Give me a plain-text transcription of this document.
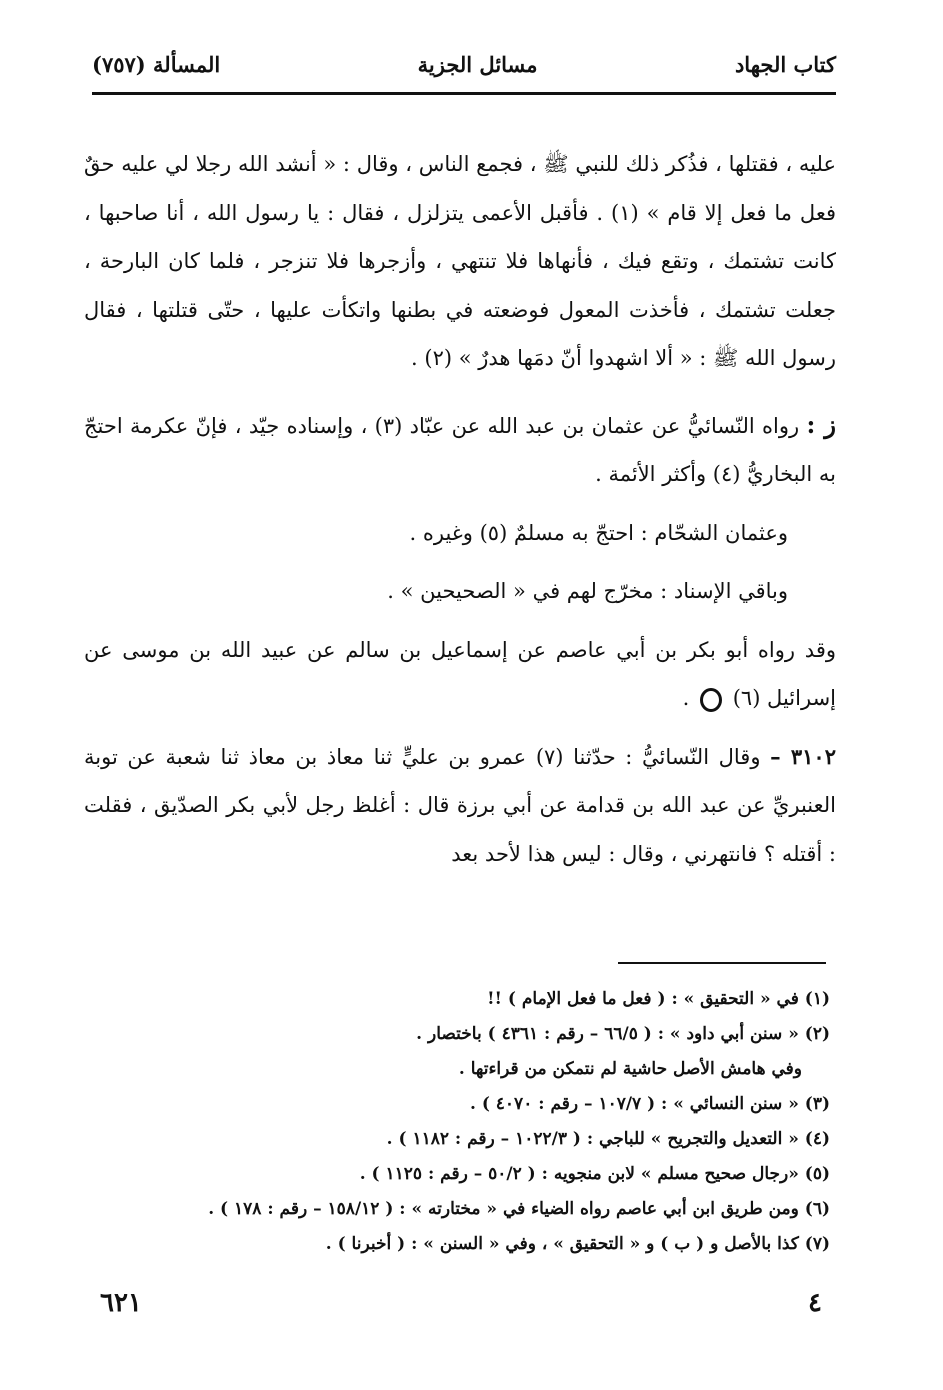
كتاب الجهاد
مسائل الجزية
المسألة (٧٥٧)

عليه ، فقتلها ، فذُكر ذلك للنبي ﷺ ، فجمع الناس ، وقال : « أنشد الله رجلا لي عليه حقٌ فعل ما فعل إلا قام » (١) . فأقبل الأعمى يتزلزل ، فقال : يا رسول الله ، أنا صاحبها ، كانت تشتمك ، وتقع فيك ، فأنهاها فلا تنتهي ، وأزجرها فلا تنزجر ، فلما كان البارحة ، جعلت تشتمك ، فأخذت المعول فوضعته في بطنها واتكأت عليها ، حتّى قتلتها ، فقال رسول الله ﷺ : « ألا اشهدوا أنّ دمَها هدرٌ » (٢) .

ز : رواه النّسائيُّ عن عثمان بن عبد الله عن عبّاد (٣) ، وإسناده جيّد ، فإنّ عكرمة احتجّ به البخاريُّ (٤) وأكثر الأئمة .

وعثمان الشحّام : احتجّ به مسلمٌ (٥) وغيره .

وباقي الإسناد : مخرّج لهم في « الصحيحين » .

وقد رواه أبو بكر بن أبي عاصم عن إسماعيل بن سالم عن عبيد الله بن موسى عن إسرائيل (٦)  .

٣١٠٢ – وقال النّسائيُّ : حدّثنا (٧) عمرو بن عليٍّ ثنا معاذ بن معاذ ثنا شعبة عن توبة العنبريِّ عن عبد الله بن قدامة عن أبي برزة قال : أغلظ رجل لأبي بكر الصدّيق ، فقلت : أقتله ؟ فانتهرني ، وقال : ليس هذا لأحد بعد

(١) في « التحقيق » : ( فعل ما فعل الإمام ) !!

(٢) « سنن أبي داود » : ( ٦٦/٥ – رقم : ٤٣٦١ ) باختصار .

وفي هامش الأصل حاشية لم نتمكن من قراءتها .

(٣) « سنن النسائي » : ( ١٠٧/٧ – رقم : ٤٠٧٠ ) .

(٤) « التعديل والتجريح » للباجي : ( ١٠٢٢/٣ – رقم : ١١٨٢ ) .

(٥) «رجال صحيح مسلم » لابن منجويه : ( ٥٠/٢ – رقم : ١١٢٥ ) .

(٦) ومن طريق ابن أبي عاصم رواه الضياء في « مختارته » : ( ١٥٨/١٢ – رقم : ١٧٨ ) .

(٧) كذا بالأصل و ( ب ) و « التحقيق » ، وفي « السنن » : ( أخبرنا ) .

٤
٦٢١
